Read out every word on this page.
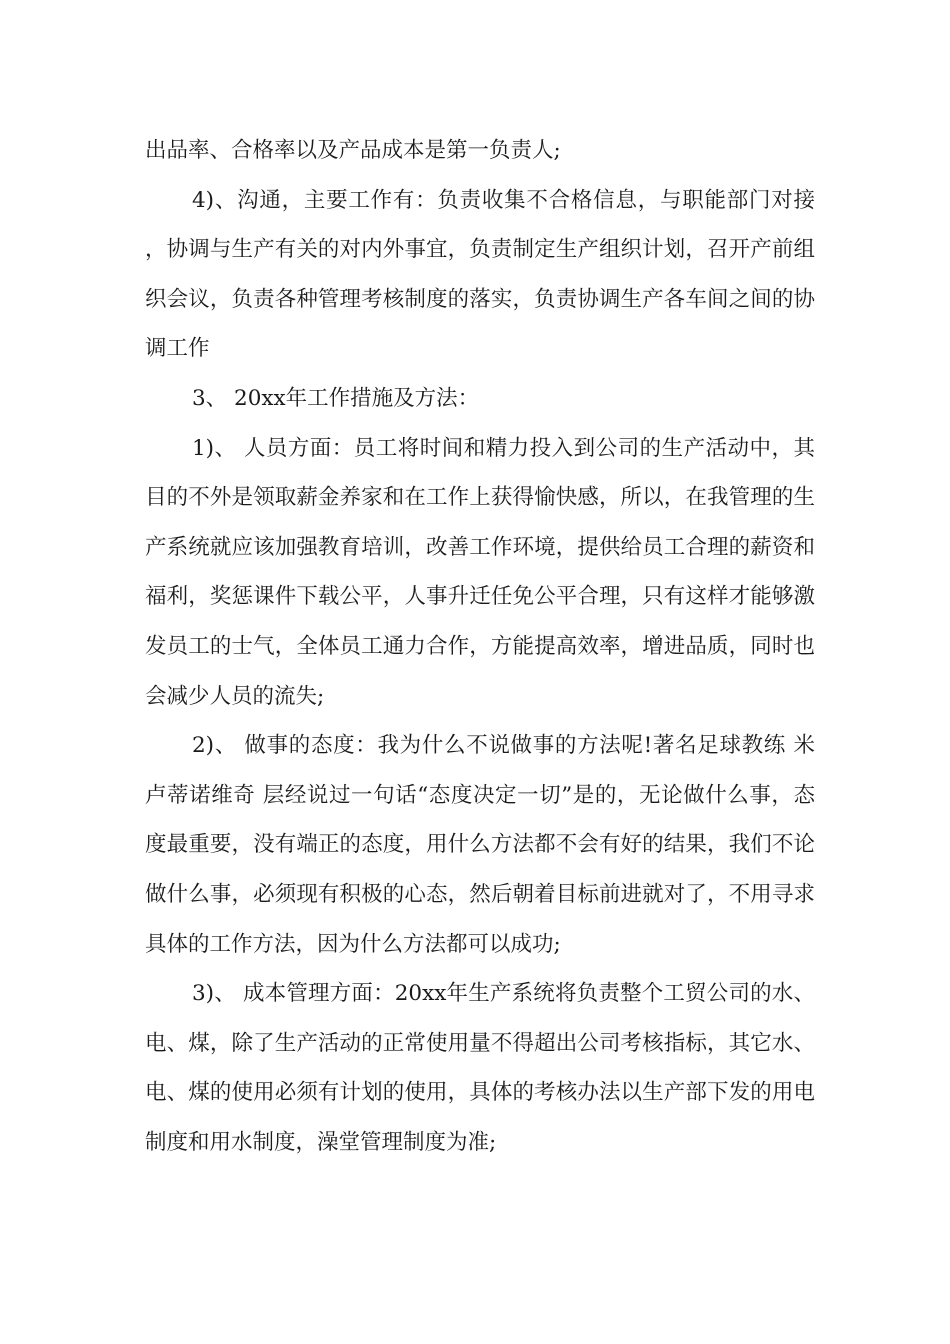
出品率、合格率以及产品成本是第一负责人;

4)、沟通，主要工作有：负责收集不合格信息，与职能部门对接，协调与生产有关的对内外事宜，负责制定生产组织计划，召开产前组织会议，负责各种管理考核制度的落实，负责协调生产各车间之间的协调工作

3、 20xx年工作措施及方法：

1)、 人员方面：员工将时间和精力投入到公司的生产活动中，其目的不外是领取薪金养家和在工作上获得愉快感，所以，在我管理的生产系统就应该加强教育培训，改善工作环境，提供给员工合理的薪资和福利，奖惩课件下载公平，人事升迁任免公平合理，只有这样才能够激发员工的士气，全体员工通力合作，方能提高效率，增进品质，同时也会减少人员的流失;

2)、 做事的态度：我为什么不说做事的方法呢!著名足球教练 米卢蒂诺维奇 层经说过一句话“态度决定一切”是的，无论做什么事，态度最重要，没有端正的态度，用什么方法都不会有好的结果，我们不论做什么事，必须现有积极的心态，然后朝着目标前进就对了，不用寻求具体的工作方法，因为什么方法都可以成功;

3)、 成本管理方面：20xx年生产系统将负责整个工贸公司的水、电、煤，除了生产活动的正常使用量不得超出公司考核指标，其它水、电、煤的使用必须有计划的使用，具体的考核办法以生产部下发的用电制度和用水制度，澡堂管理制度为准;
